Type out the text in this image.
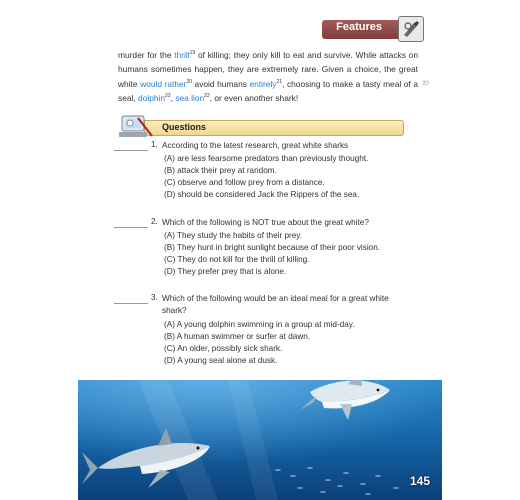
Features
murder for the thrill$^{19}$ of killing; they only kill to eat and survive. While attacks on humans sometimes happen, they are extremely rare. Given a choice, the great white would rather$^{20}$ avoid humans entirely$^{21}$, choosing to make a tasty meal of a seal, dolphin$^{22}$, sea lion$^{23}$, or even another shark!
20
Questions
1. According to the latest research, great white sharks
(A) are less fearsome predators than previously thought.
(B) attack their prey at random.
(C) observe and follow prey from a distance.
(D) should be considered Jack the Rippers of the sea.
2. Which of the following is NOT true about the great white?
(A) They study the habits of their prey.
(B) They hunt in bright sunlight because of their poor vision.
(C) They do not kill for the thrill of killing.
(D) They prefer prey that is alone.
3. Which of the following would be an ideal meal for a great white shark?
(A) A young dolphin swimming in a group at mid-day.
(B) A human swimmer or surfer at dawn.
(C) An older, possibly sick shark.
(D) A young seal alone at dusk.
145
